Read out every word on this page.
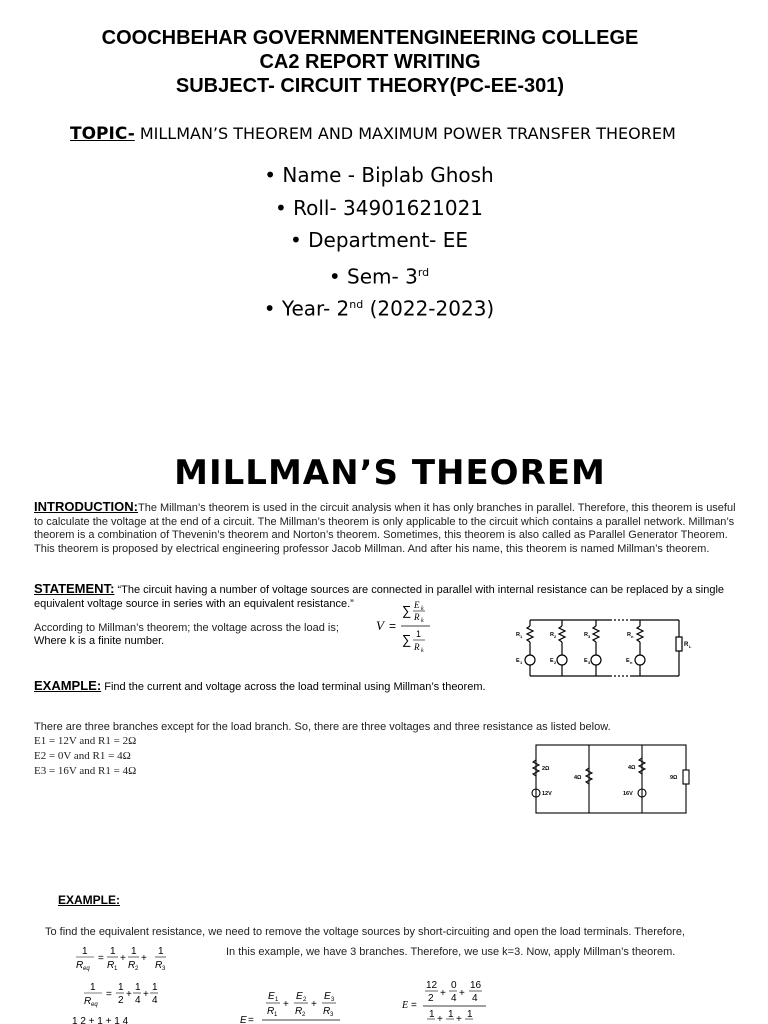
COOCHBEHAR GOVERNMENTENGINEERING COLLEGE
CA2 REPORT WRITING
SUBJECT- CIRCUIT THEORY(PC-EE-301)
TOPIC- MILLMAN’S THEOREM AND MAXIMUM POWER TRANSFER THEOREM
• Name - Biplab Ghosh
• Roll- 34901621021
• Department- EE
• Sem- 3rd
• Year- 2nd (2022-2023)
MILLMAN’S THEOREM
INTRODUCTION:The Millman’s theorem is used in the circuit analysis when it has only branches in parallel. Therefore, this theorem is useful to calculate the voltage at the end of a circuit. The Millman’s theorem is only applicable to the circuit which contains a parallel network. Millman’s theorem is a combination of Thevenin’s theorem and Norton’s theorem. Sometimes, this theorem is also called as Parallel Generator Theorem. This theorem is proposed by electrical engineering professor Jacob Millman. And after his name, this theorem is named Millman’s theorem.
STATEMENT: “The circuit having a number of voltage sources are connected in parallel with internal resistance can be replaced by a single equivalent voltage source in series with an equivalent resistance.”
According to Millman’s theorem; the voltage across the load is;
Where k is a finite number.
V =
∑ E k
R k
∑ 1
R k
R 1	R 2	R 3	R n
R L
E 1	E 2	E 3	E n
EXAMPLE: Find the current and voltage across the load terminal using Millman’s theorem.
There are three branches except for the load branch. So, there are three voltages and three resistance as listed below.
E1 = 12V and R1 = 2Ω
E2 = 0V and R1 = 4Ω
E3 = 16V and R1 = 4Ω	2Ω
12V
4Ω
4Ω
16V
9Ω
EXAMPLE:
To find the equivalent resistance, we need to remove the voltage sources by short-circuiting and open the load terminals. Therefore,
In this example, we have 3 branches. Therefore, we use k=3. Now, apply Millman’s theorem.
1
R eq
=
1
R 1
+
1
R 2
+
1
R 3
1
R eq
=
1
2
+
1
4
+
1
4
1 2 + 1 + 1 4	E =
E 1
R 1
+
E 2
R 2
+
E 3
R 3
E =
12
2 +
0
4 +
16
4
1 + 1 + 1
